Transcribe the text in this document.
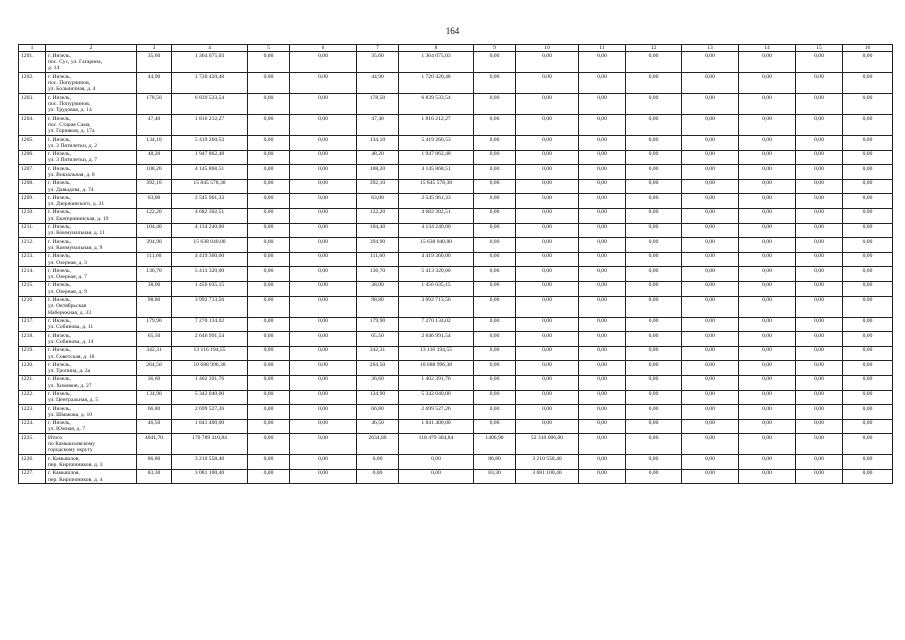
164
1	2	3	4	5	6	7	8	9	10	11	12	13	14	15	16
1201.	г. Инзель,
пос. Сус, ул. Гагарина,
д. 14	35,60	1 364 075,03	0,00	0,00	35,60	1 364 075,03	0,00	0,00	0,00	0,00	0,00	0,00	0,00	0,00
1202.	г. Инзель,
пос. Попурчинов,
ул. Больничная, д. 4	44,90	1 720 420,48	0,00	0,00	44,90	1 720 420,48	0,00	0,00	0,00	0,00	0,00	0,00	0,00	0,00
1203.	г. Инзель,
пос. Попурчинов,
ул. Трудовая, д. 14	178,50	6 839 533,54	0,00	0,00	178,50	6 839 533,54	0,00	0,00	0,00	0,00	0,00	0,00	0,00	0,00
1204.	г. Инзель,
пос. Старая Сама,
ул. Горняков, д. 17а	47,40	1 816 212,27	0,00	0,00	47,40	1 816 212,27	0,00	0,00	0,00	0,00	0,00	0,00	0,00	0,00
1205.	г. Инзель,
ул. 3 Пятилетки, д. 2	134,10	5 419 260,53	0,00	0,00	134,10	5 419 260,53	0,00	0,00	0,00	0,00	0,00	0,00	0,00	0,00
1206.	г. Инзель,
ул. 3 Пятилетки, д. 7	48,20	1 947 862,48	0,00	0,00	48,20	1 947 862,48	0,00	0,00	0,00	0,00	0,00	0,00	0,00	0,00
1207.	г. Инзель,
ул. Вокзальная, д. 8	108,20	4 145 868,51	0,00	0,00	108,20	4 145 868,51	0,00	0,00	0,00	0,00	0,00	0,00	0,00	0,00
1208.	г. Инзель,
ул. Давыдова, д. 74	392,10	15 845 578,38	0,00	0,00	392,10	15 845 578,38	0,00	0,00	0,00	0,00	0,00	0,00	0,00	0,00
1209.	г. Инзель,
ул. Дзержинского, д. 31	63,00	2 545 961,33	0,00	0,00	63,00	2 545 961,33	0,00	0,00	0,00	0,00	0,00	0,00	0,00	0,00
1210.	г. Инзель,
ул. Екатерининская, д. 19	122,20	4 682 302,51	0,00	0,00	122,20	4 682 302,51	0,00	0,00	0,00	0,00	0,00	0,00	0,00	0,00
1211.	г. Инзель,
ул. Коммунальная, д. 11	104,40	4 134 240,00	0,00	0,00	104,40	4 134 240,00	0,00	0,00	0,00	0,00	0,00	0,00	0,00	0,00
1212.	г. Инзель,
ул. Коммунальная, д. 9	394,90	15 638 040,00	0,00	0,00	394,90	15 638 040,00	0,00	0,00	0,00	0,00	0,00	0,00	0,00	0,00
1213.	г. Инзель,
ул. Озерная, д. 3	111,60	4 419 360,00	0,00	0,00	111,60	4 419 360,00	0,00	0,00	0,00	0,00	0,00	0,00	0,00	0,00
1214.	г. Инзель,
ул. Озерная, д. 7	136,70	5 413 320,00	0,00	0,00	136,70	5 413 320,00	0,00	0,00	0,00	0,00	0,00	0,00	0,00	0,00
1215.	г. Инзель,
ул. Озерная, д. 9	38,00	1 456 035,15	0,00	0,00	38,00	1 456 035,15	0,00	0,00	0,00	0,00	0,00	0,00	0,00	0,00
1216.	г. Инзель,
ул. Октябрьская
Набережная, д. 33	98,80	3 992 713,56	0,00	0,00	98,80	3 992 713,56	0,00	0,00	0,00	0,00	0,00	0,00	0,00	0,00
1217.	г. Инзель,
ул. Собинова, д. 11	179,90	7 270 134,02	0,00	0,00	179,90	7 270 134,02	0,00	0,00	0,00	0,00	0,00	0,00	0,00	0,00
1218.	г. Инзель,
ул. Собинова, д. 14	65,50	2 646 991,54	0,00	0,00	65,50	2 646 991,54	0,00	0,00	0,00	0,00	0,00	0,00	0,00	0,00
1219.	г. Инзель,
ул. Советская, д. 18	342,31	13 116 194,55	0,00	0,00	342,31	13 116 194,55	0,00	0,00	0,00	0,00	0,00	0,00	0,00	0,00
1220.	г. Инзель,
ул. Тропина, д. 2а	264,50	10 688 996,38	0,00	0,00	264,50	10 688 996,38	0,00	0,00	0,00	0,00	0,00	0,00	0,00	0,00
1221.	г. Инзель,
ул. Химиков, д. 27	36,60	1 402 391,76	0,00	0,00	36,60	1 402 391,76	0,00	0,00	0,00	0,00	0,00	0,00	0,00	0,00
1222.	г. Инзель,
ул. Центральная, д. 5	134,90	5 342 040,00	0,00	0,00	134,90	5 342 040,00	0,00	0,00	0,00	0,00	0,00	0,00	0,00	0,00
1223.	г. Инзель,
ул. Шмакова, д. 10	66,80	2 699 527,26	0,00	0,00	66,80	2 699 527,26	0,00	0,00	0,00	0,00	0,00	0,00	0,00	0,00
1224.	г. Инзель,
ул. Южная, д. 7	46,50	1 841 400,00	0,00	0,00	46,50	1 841 400,00	0,00	0,00	0,00	0,00	0,00	0,00	0,00	0,00
1225.	Итого
по Камышловскому
городскому округу	4041,70	170 789 310,84	0,00	0,00	2634,80	118 479 304,84	1406,90	52 310 006,00	0,00	0,00	0,00	0,00	0,00	0,00
1226.	г. Камышлов,
пер. Кирпичников, д. 3	86,80	3 210 558,40	0,00	0,00	0,00	0,00	86,80	3 210 558,40	0,00	0,00	0,00	0,00	0,00	0,00
1227.	г. Камышлов,
пер. Кирпичников, д. 4	83,30	3 081 100,40	0,00	0,00	0,00	0,00	83,30	3 081 100,40	0,00	0,00	0,00	0,00	0,00	0,00
